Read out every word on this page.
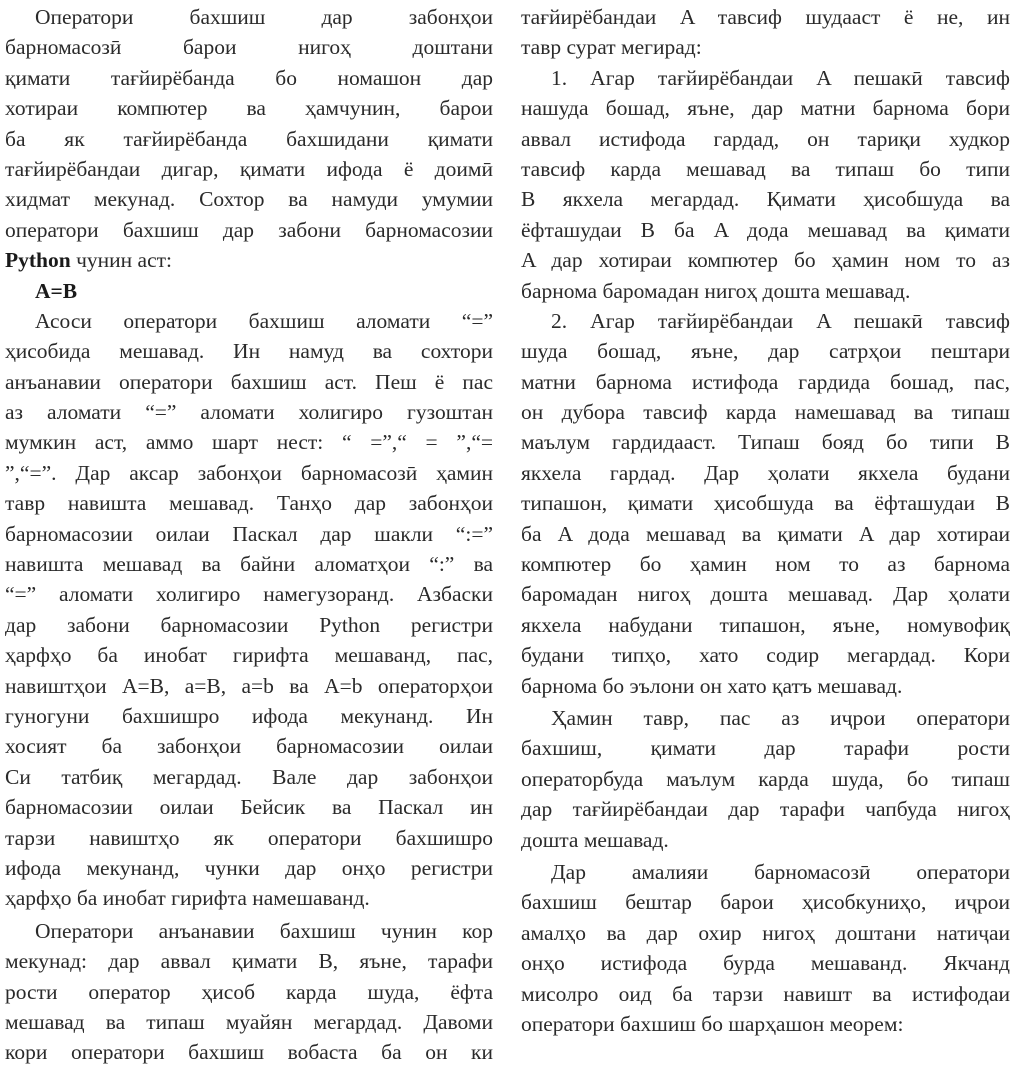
Оператори бахшиш дар забонҳои
барномасозӣ барои нигоҳ доштани
қимати тағйирёбанда бо номашон дар
хотираи компютер ва ҳамчунин, барои
ба як тағйирёбанда бахшидани қимати
тағйирёбандаи дигар, қимати ифода ё доимӣ
хидмат мекунад. Сохтор ва намуди умумии
оператори бахшиш дар забони барномасозии
Python чунин аст:
A=B
Асоси оператори бахшиш аломати “=”
ҳисобида мешавад. Ин намуд ва сохтори
анъанавии оператори бахшиш аст. Пеш ё пас
аз аломати “=” аломати холигиро гузоштан
мумкин аст, аммо шарт нест: “ =”,“ = ”,“=
”,“=”. Дар аксар забонҳои барномасозӣ ҳамин
тавр навишта мешавад. Танҳо дар забонҳои
барномасозии оилаи Паскал дар шакли “:=”
навишта мешавад ва байни аломатҳои “:” ва
“=” аломати холигиро намегузоранд. Азбаски
дар забони барномасозии Python регистри
ҳарфҳо ба инобат гирифта мешаванд, пас,
навиштҳои A=B, a=B, a=b ва A=b операторҳои
гуногуни бахшишро ифода мекунанд. Ин
хосият ба забонҳои барномасозии оилаи
Си татбиқ мегардад. Вале дар забонҳои
барномасозии оилаи Бейсик ва Паскал ин
тарзи навиштҳо як оператори бахшишро
ифода мекунанд, чунки дар онҳо регистри
ҳарфҳо ба инобат гирифта намешаванд.
Оператори анъанавии бахшиш чунин кор
мекунад: дар аввал қимати B, яъне, тарафи
рости оператор ҳисоб карда шуда, ёфта
мешавад ва типаш муайян мегардад. Давоми
кори оператори бахшиш вобаста ба он ки
тағйирёбандаи A тавсиф шудааст ё не, ин
тавр сурат мегирад:
1. Агар тағйирёбандаи A пешакӣ тавсиф
нашуда бошад, яъне, дар матни барнома бори
аввал истифода гардад, он тариқи худкор
тавсиф карда мешавад ва типаш бо типи
B якхела мегардад. Қимати ҳисобшуда ва
ёфташудаи B ба A дода мешавад ва қимати
A дар хотираи компютер бо ҳамин ном то аз
барнома баромадан нигоҳ дошта мешавад.
2. Агар тағйирёбандаи A пешакӣ тавсиф
шуда бошад, яъне, дар сатрҳои пештари
матни барнома истифода гардида бошад, пас,
он дубора тавсиф карда намешавад ва типаш
маълум гардидааст. Типаш бояд бо типи B
якхела гардад. Дар ҳолати якхела будани
типашон, қимати ҳисобшуда ва ёфташудаи B
ба A дода мешавад ва қимати A дар хотираи
компютер бо ҳамин ном то аз барнома
баромадан нигоҳ дошта мешавад. Дар ҳолати
якхела набудани типашон, яъне, номувофиқ
будани типҳо, хато содир мегардад. Кори
барнома бо эълони он хато қатъ мешавад.
Ҳамин тавр, пас аз иҷрои оператори
бахшиш, қимати дар тарафи рости
операторбуда маълум карда шуда, бо типаш
дар тағйирёбандаи дар тарафи чапбуда нигоҳ
дошта мешавад.
Дар амалияи барномасозӣ оператори
бахшиш бештар барои ҳисобкуниҳо, иҷрои
амалҳо ва дар охир нигоҳ доштани натиҷаи
онҳо истифода бурда мешаванд. Якчанд
мисолро оид ба тарзи навишт ва истифодаи
оператори бахшиш бо шарҳашон меорем:
